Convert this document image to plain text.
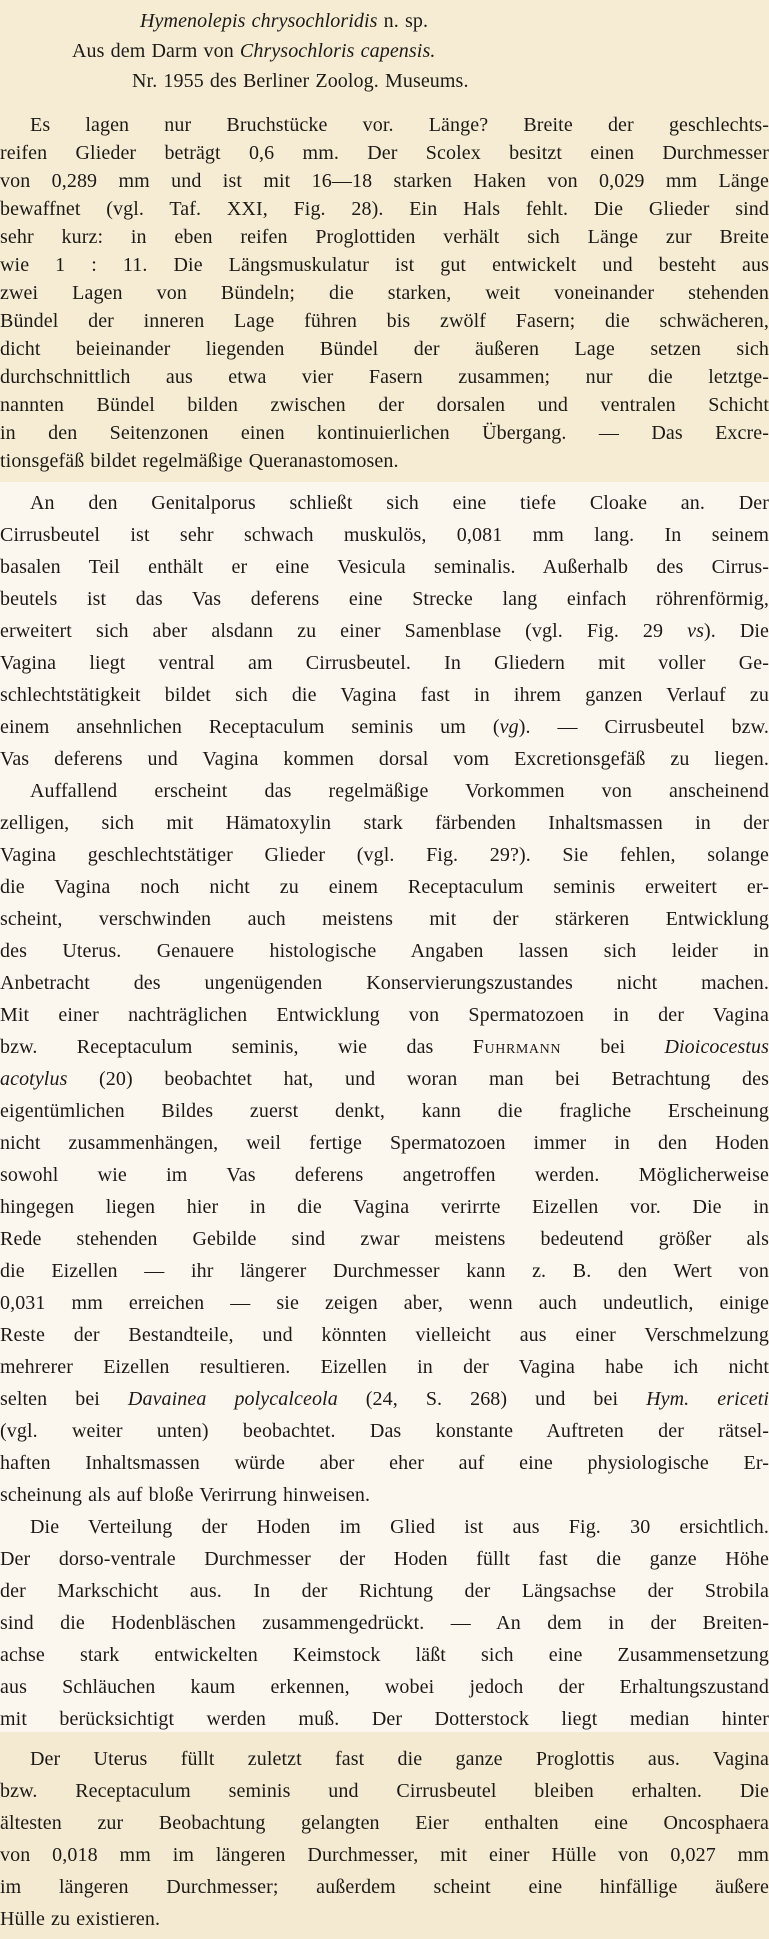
Hymenolepis chrysochloridis n. sp.

Aus dem Darm von Chrysochloris capensis.

Nr. 1955 des Berliner Zoolog. Museums.

Es lagen nur Bruchstücke vor. Länge? Breite der geschlechts-

reifen Glieder beträgt 0,6 mm. Der Scolex besitzt einen Durchmesser

von 0,289 mm und ist mit 16—18 starken Haken von 0,029 mm Länge

bewaffnet (vgl. Taf. XXI, Fig. 28). Ein Hals fehlt. Die Glieder sind

sehr kurz: in eben reifen Proglottiden verhält sich Länge zur Breite

wie 1 : 11. Die Längsmuskulatur ist gut entwickelt und besteht aus

zwei Lagen von Bündeln; die starken, weit voneinander stehenden

Bündel der inneren Lage führen bis zwölf Fasern; die schwächeren,

dicht beieinander liegenden Bündel der äußeren Lage setzen sich

durchschnittlich aus etwa vier Fasern zusammen; nur die letztge-

nannten Bündel bilden zwischen der dorsalen und ventralen Schicht

in den Seitenzonen einen kontinuierlichen Übergang. — Das Excre-

tionsgefäß bildet regelmäßige Queranastomosen.

An den Genitalporus schließt sich eine tiefe Cloake an. Der

Cirrusbeutel ist sehr schwach muskulös, 0,081 mm lang. In seinem

basalen Teil enthält er eine Vesicula seminalis. Außerhalb des Cirrus-

beutels ist das Vas deferens eine Strecke lang einfach röhrenförmig,

erweitert sich aber alsdann zu einer Samenblase (vgl. Fig. 29 vs). Die

Vagina liegt ventral am Cirrusbeutel. In Gliedern mit voller Ge-

schlechtstätigkeit bildet sich die Vagina fast in ihrem ganzen Verlauf zu

einem ansehnlichen Receptaculum seminis um (vg). — Cirrusbeutel bzw.

Vas deferens und Vagina kommen dorsal vom Excretionsgefäß zu liegen.

Auffallend erscheint das regelmäßige Vorkommen von anscheinend

zelligen, sich mit Hämatoxylin stark färbenden Inhaltsmassen in der

Vagina geschlechtstätiger Glieder (vgl. Fig. 29?). Sie fehlen, solange

die Vagina noch nicht zu einem Receptaculum seminis erweitert er-

scheint, verschwinden auch meistens mit der stärkeren Entwicklung

des Uterus. Genauere histologische Angaben lassen sich leider in

Anbetracht des ungenügenden Konservierungszustandes nicht machen.

Mit einer nachträglichen Entwicklung von Spermatozoen in der Vagina

bzw. Receptaculum seminis, wie das Fuhrmann bei Dioicocestus

acotylus (20) beobachtet hat, und woran man bei Betrachtung des

eigentümlichen Bildes zuerst denkt, kann die fragliche Erscheinung

nicht zusammenhängen, weil fertige Spermatozoen immer in den Hoden

sowohl wie im Vas deferens angetroffen werden. Möglicherweise

hingegen liegen hier in die Vagina verirrte Eizellen vor. Die in

Rede stehenden Gebilde sind zwar meistens bedeutend größer als

die Eizellen — ihr längerer Durchmesser kann z. B. den Wert von

0,031 mm erreichen — sie zeigen aber, wenn auch undeutlich, einige

Reste der Bestandteile, und könnten vielleicht aus einer Verschmelzung

mehrerer Eizellen resultieren. Eizellen in der Vagina habe ich nicht

selten bei Davainea polycalceola (24, S. 268) und bei Hym. ericeti

(vgl. weiter unten) beobachtet. Das konstante Auftreten der rätsel-

haften Inhaltsmassen würde aber eher auf eine physiologische Er-

scheinung als auf bloße Verirrung hinweisen.

Die Verteilung der Hoden im Glied ist aus Fig. 30 ersichtlich.

Der dorso-ventrale Durchmesser der Hoden füllt fast die ganze Höhe

der Markschicht aus. In der Richtung der Längsachse der Strobila

sind die Hodenbläschen zusammengedrückt. — An dem in der Breiten-

achse stark entwickelten Keimstock läßt sich eine Zusammensetzung

aus Schläuchen kaum erkennen, wobei jedoch der Erhaltungszustand

mit berücksichtigt werden muß. Der Dotterstock liegt median hinter

Der Uterus füllt zuletzt fast die ganze Proglottis aus. Vagina

bzw. Receptaculum seminis und Cirrusbeutel bleiben erhalten. Die

ältesten zur Beobachtung gelangten Eier enthalten eine Oncosphaera

von 0,018 mm im längeren Durchmesser, mit einer Hülle von 0,027 mm

im längeren Durchmesser; außerdem scheint eine hinfällige äußere

Hülle zu existieren.
